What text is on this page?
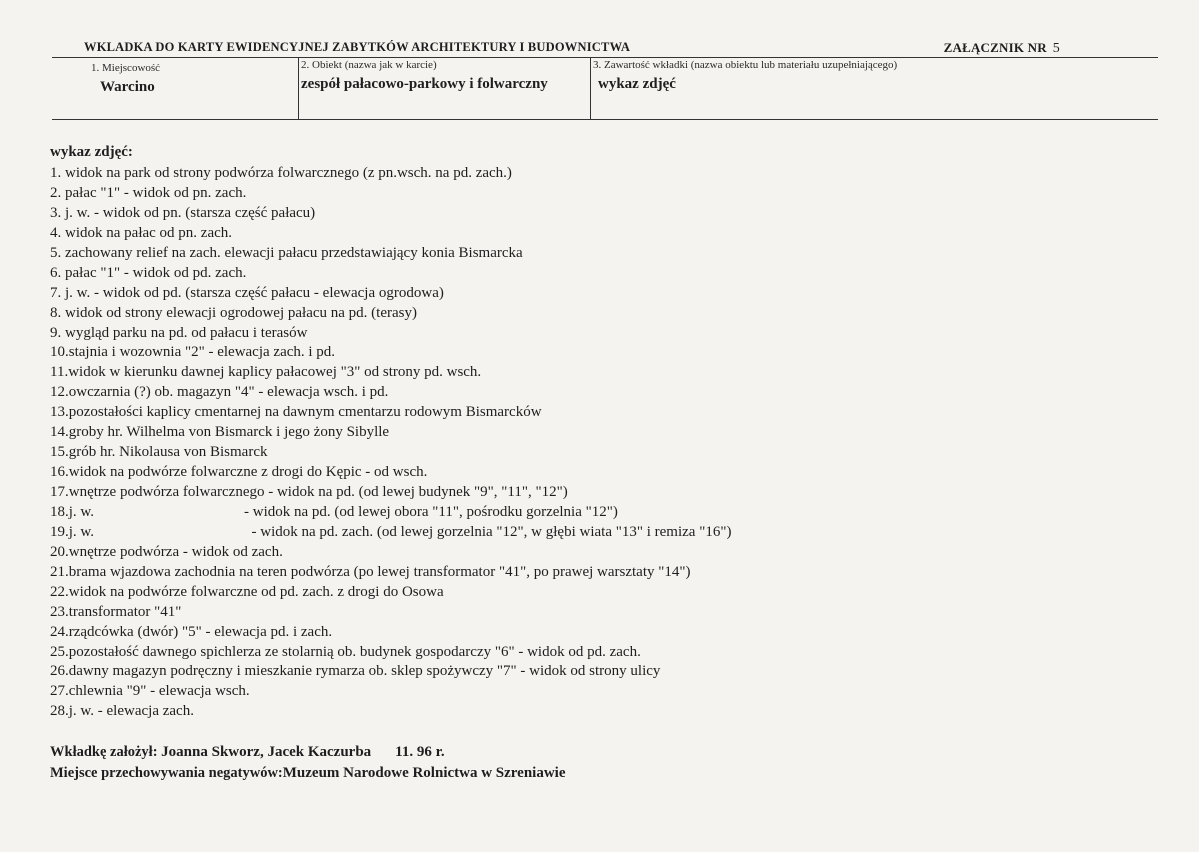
WKLADKA DO KARTY EWIDENCYJNEJ ZABYTKÓW ARCHITEKTURY I BUDOWNICTWA	ZAŁĄCZNIK NR 5
1. Miejscowość
Warcino
2. Obiekt (nazwa jak w karcie)
zespół pałacowo-parkowy i folwarczny
3. Zawartość wkładki (nazwa obiektu lub materiału uzupełniającego)
wykaz zdjęć
wykaz zdjęć:
1. widok na park od strony podwórza folwarcznego (z pn.wsch. na pd. zach.)
2. pałac "1" - widok od pn. zach.
3. j. w. - widok od pn. (starsza część pałacu)
4. widok na pałac od pn. zach.
5. zachowany relief na zach. elewacji pałacu przedstawiający konia Bismarcka
6. pałac "1" - widok od pd. zach.
7. j. w. - widok od pd. (starsza część pałacu - elewacja ogrodowa)
8. widok od strony elewacji ogrodowej pałacu na pd. (terasy)
9. wygląd parku na pd. od pałacu i terasów
10.stajnia i wozownia "2" - elewacja zach. i pd.
11.widok w kierunku dawnej kaplicy pałacowej "3" od strony pd. wsch.
12.owczarnia (?) ob. magazyn "4" - elewacja wsch. i pd.
13.pozostałości kaplicy cmentarnej na dawnym cmentarzu rodowym Bismarcków
14.groby hr. Wilhelma von Bismarck i jego żony Sibylle
15.grób hr. Nikolausa von Bismarck
16.widok na podwórze folwarczne z drogi do Kępic - od wsch.
17.wnętrze podwórza folwarcznego - widok na pd. (od lewej budynek "9", "11", "12")
18.j. w.                                        - widok na pd. (od lewej obora "11", pośrodku gorzelnia "12")
19.j. w.                                          - widok na pd. zach. (od lewej gorzelnia "12", w głębi wiata "13" i remiza "16")
20.wnętrze podwórza - widok od zach.
21.brama wjazdowa zachodnia na teren podwórza (po lewej transformator "41", po prawej warsztaty "14")
22.widok na podwórze folwarczne od pd. zach. z drogi do Osowa
23.transformator "41"
24.rządcówka (dwór) "5" - elewacja pd. i zach.
25.pozostałość dawnego spichlerza ze stolarnią ob. budynek gospodarczy "6" - widok od pd. zach.
26.dawny magazyn podręczny i mieszkanie rymarza ob. sklep spożywczy "7" - widok od strony ulicy
27.chlewnia "9" - elewacja wsch.
28.j. w. - elewacja zach.
Wkładkę założył: Joanna Skworz, Jacek Kaczurba 11. 96 r.
Miejsce przechowywania negatywów:Muzeum Narodowe Rolnictwa w Szreniawie
